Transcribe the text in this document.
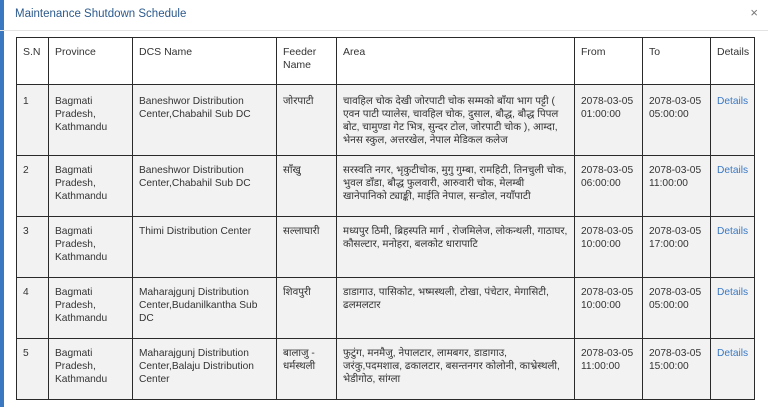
Maintenance Shutdown Schedule	×
S.N	Province	DCS Name	Feeder Name	Area	From	To	Details
1	Bagmati Pradesh, Kathmandu	Baneshwor Distribution Center,Chabahil Sub DC	जोरपाटी	चावहिल चोक देखी जोरपाटी चोक सम्मको बाँया भाग पट्टी ( एवन पाटी प्यालेस, चावहिल चोक, दुसाल, बौद्ध, बौद्ध पिपल बोट, चामुण्डा गेट भित्र, सुन्दर टोल, जोरपाटी चोक ), आम्दा, भेनस स्कुल, अत्तरखेल, नेपाल मेडिकल कलेज	2078-03-05 01:00:00	2078-03-05 05:00:00	Details
2	Bagmati Pradesh, Kathmandu	Baneshwor Distribution Center,Chabahil Sub DC	साँखु	सरस्वति नगर, भृकुटीचोक, मुगु गुम्बा, रामहिटी, तिनचुली चोक, भुवल डाँडा, बौद्ध फुलवारी, आरुवारी चोक, मेलम्बी खानेपानिको ट्याङ्की, माईति नेपाल, सन्डोल, नयाँपाटी	2078-03-05 06:00:00	2078-03-05 11:00:00	Details
3	Bagmati Pradesh, Kathmandu	Thimi Distribution Center	सल्लाघारी	मध्यपुर ठिमी, ब्रिहस्पति मार्ग , रोजमिलेज, लोकन्थली, गाठाघर, कौसल्टार, मनोहरा, बलकोट धारापाटि	2078-03-05 10:00:00	2078-03-05 17:00:00	Details
4	Bagmati Pradesh, Kathmandu	Maharajgunj Distribution Center,Budanilkantha Sub DC	शिवपुरी	डाडागाउ, पासिकोट, भष्मस्थली, टोखा, पंचेटार, मेगासिटी, ढलमलटार	2078-03-05 10:00:00	2078-03-05 05:00:00	Details
5	Bagmati Pradesh, Kathmandu	Maharajgunj Distribution Center,Balaju Distribution Center	बालाजु - धर्मस्थली	फुटुंग, मनमैजु, नेपालटार, लामबगर, डाडागाउ, जरंकु,पदमशाल्र, ढकालटार, बसन्तनगर कोलोनी, काभ्रेस्थली, भेडीगोठ, सांग्ला	2078-03-05 11:00:00	2078-03-05 15:00:00	Details
